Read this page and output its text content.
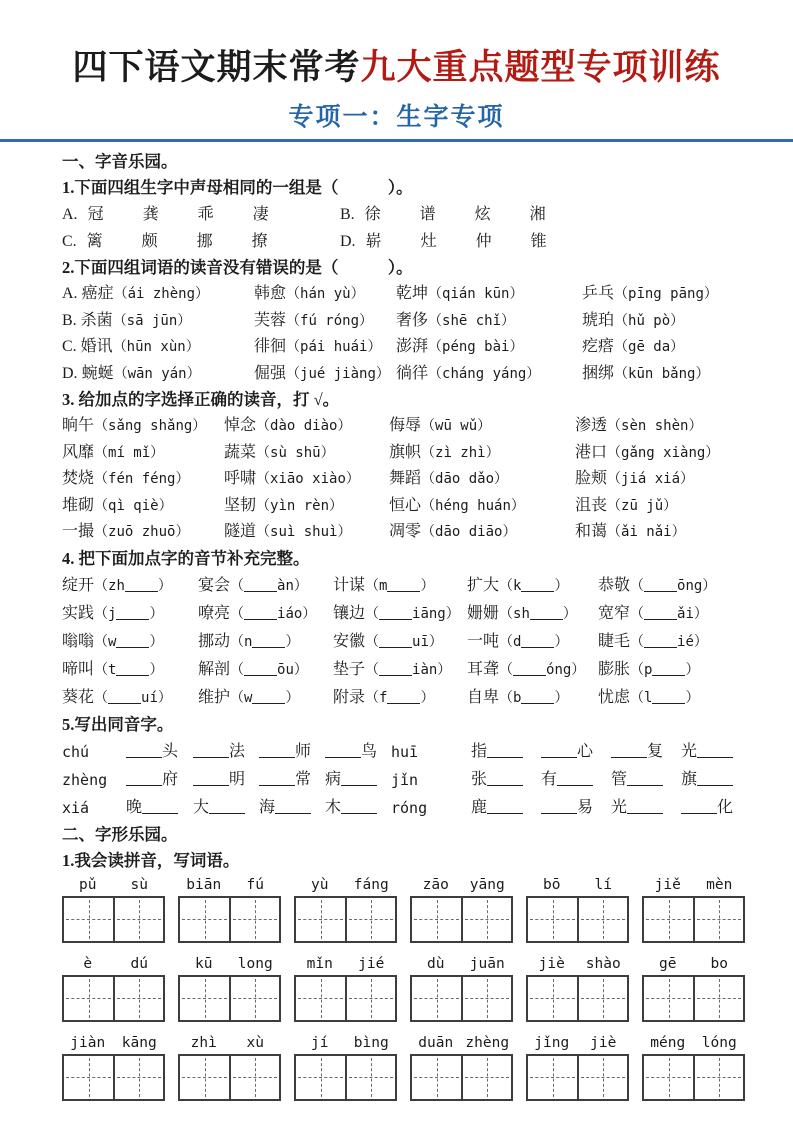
四下语文期末常考九大重点题型专项训练
专项一：生字专项
一、字音乐园。
1.下面四组生字中声母相同的一组是（　　　）。
A. 冠 龚 乖 凄	B. 徐 谱 炫 湘
C. 篱 颇 挪 撩	D. 崭 灶 仲 锥
2.下面四组词语的读音没有错误的是（　　　）。
A. 癌症（ái zhèng）	韩愈（hán yù）	乾坤（qián kūn）	乒乓（pīng pāng）
B. 杀菌（sā jūn）	芙蓉（fú róng）	奢侈（shē chǐ）	琥珀（hǔ pò）
C. 婚讯（hūn xùn）	徘徊（pái huái） 澎湃（péng bài）	疙瘩（gē da）
D. 蜿蜒（wān yán）	倔强（jué jiàng） 徜徉（cháng yáng）	捆绑（kūn bǎng）
3. 给加点的字选择正确的读音，打 √。
晌午（sǎng shǎng）	悼念（dào diào）	侮辱（wū wǔ）	渗透（sèn shèn）
风靡（mí mǐ）	蔬菜（sù shū）	旗帜（zì zhì）	港口（gǎng xiàng）
焚烧（fén féng）	呼啸（xiāo xiào）	舞蹈（dāo dǎo）	脸颊（jiá xiá）
堆砌（qì qiè）	坚韧（yìn rèn）	恒心（héng huán）	沮丧（zū jǔ）
一撮（zuō zhuō）	隧道（suì shuì）	凋零（dāo diāo）	和蔼（ǎi nǎi）
4. 把下面加点字的音节补充完整。
绽开（zh ）	宴会（ àn）	计谋（m ）	扩大（k ）	恭敬（ ōng）
实践（j ）	嘹亮（ iáo）	镶边（ iāng） 姗姗（sh ）	宽窄（ ǎi）
嗡嗡（w ）	挪动（n ）	安徽（ uī）	一吨（d ）	睫毛（ ié）
啼叫（t ）	解剖（ ōu）	垫子（ iàn） 耳聋（ óng） 膨胀（p ）
葵花（ uí）	维护（w ）	附录（f ）	自卑（b ）	忧虑（l ）
5.写出同音字。
chú	头	法	师	鸟 huī	指	心	复	光
zhèng	府	明	常 病	jǐn	张	有	管	旗
xiá	晚	大	海	木	róng	鹿	易	光	化
二、字形乐园。
1.我会读拼音，写词语。
pǔ	sù	biān	fú	yù	fáng	zāo	yāng	bō	lí	jiě	mèn
è	dú	kū	long	mǐn	jié	dù	juān	jiè	shào	gē	bo
jiàn	kāng	zhì	xù	jí	bìng	duān zhèng	jǐng	jiè	méng	lóng
